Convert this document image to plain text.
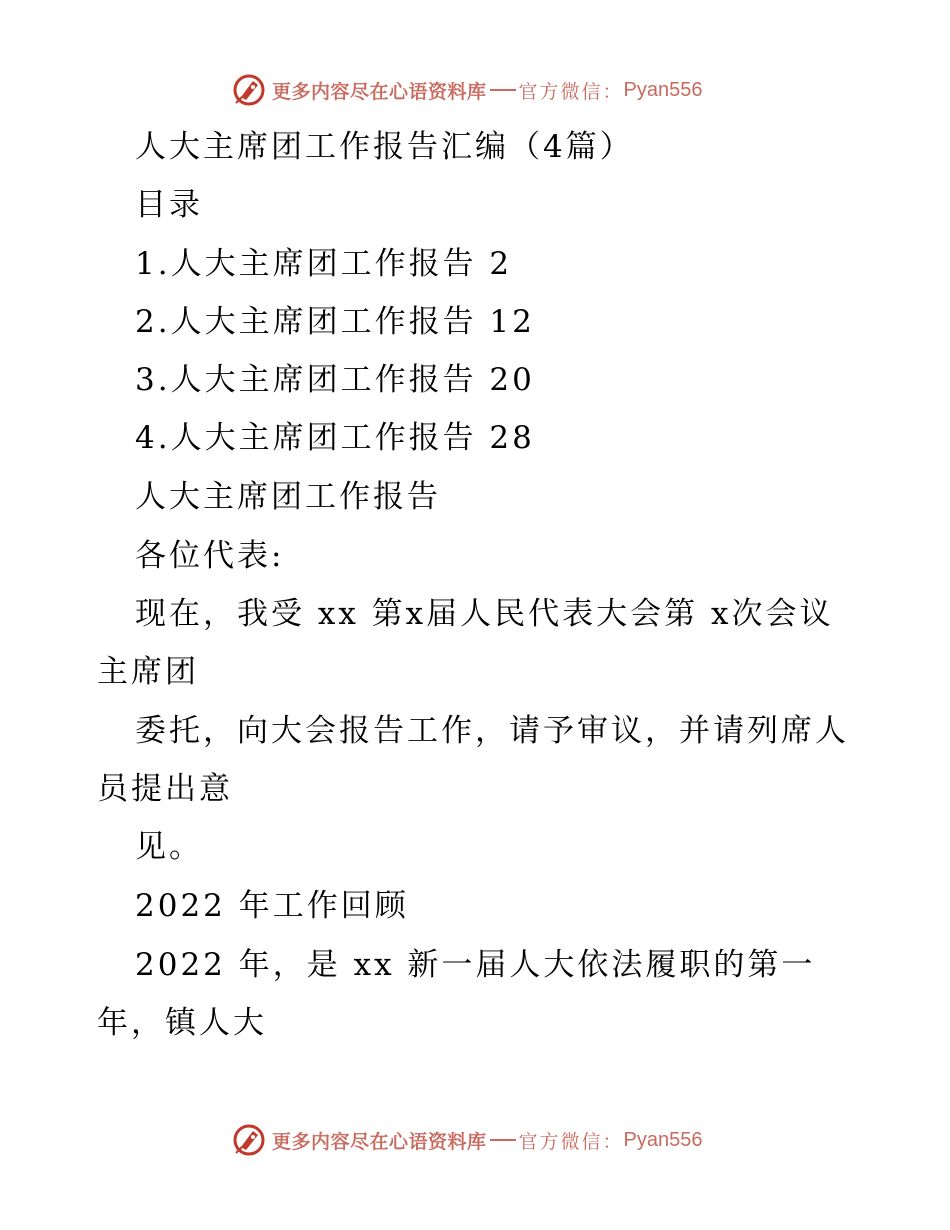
更多内容尽在心语资料库 官方微信： Pyan556
人大主席团工作报告汇编（4篇）
目录
1.人大主席团工作报告 2
2.人大主席团工作报告 12
3.人大主席团工作报告 20
4.人大主席团工作报告 28
人大主席团工作报告
各位代表:
现在，我受 xx 第x届人民代表大会第 x次会议
主席团
委托，向大会报告工作，请予审议，并请列席人
员提出意
见。
2022 年工作回顾
2022 年，是 xx 新一届人大依法履职的第一
年，镇人大
更多内容尽在心语资料库 官方微信： Pyan556
